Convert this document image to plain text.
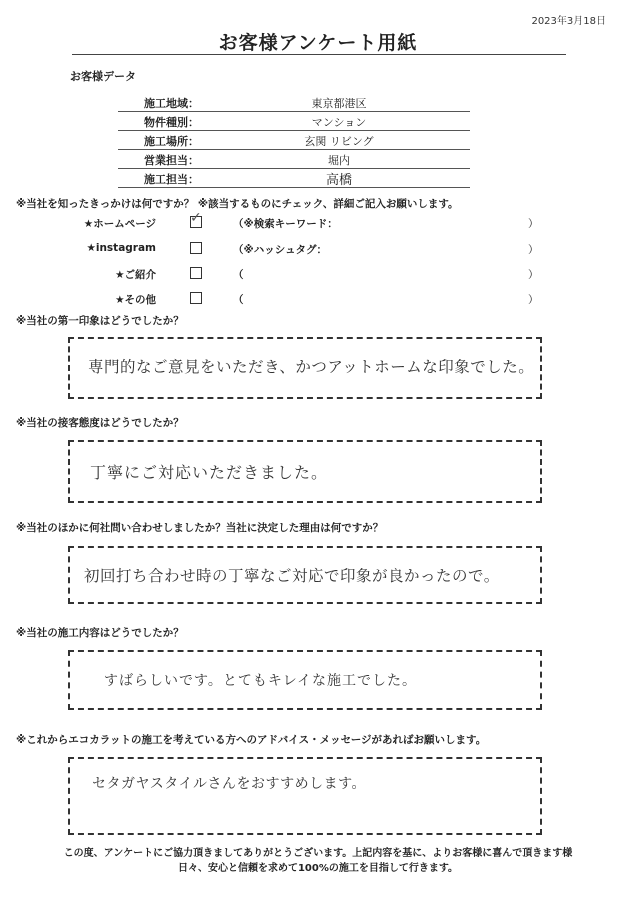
2023年3月18日
お客様アンケート用紙
お客様データ
施工地域：	東京都港区
物件種別：	マンション
施工場所：	玄関 リビング
営業担当：	堀内
施工担当：	高橋
※当社を知ったきっかけは何ですか？ ※該当するものにチェック、詳細ご記入お願いします。
★ホームページ ✓	（※検索キーワード：	）
★instagram	（※ハッシュタグ：	）
★ご紹介	（	）
★その他	（	）
※当社の第一印象はどうでしたか？
専門的なご意見をいただき、かつアットホームな印象でした。
※当社の接客態度はどうでしたか？
丁寧にご対応いただきました。
※当社のほかに何社問い合わせしましたか？当社に決定した理由は何ですか？
初回打ち合わせ時の丁寧なご対応で印象が良かったので。
※当社の施工内容はどうでしたか？
すばらしいです。とてもキレイな施工でした。
※これからエコカラットの施工を考えている方へのアドバイス・メッセージがあればお願いします。
セタガヤスタイルさんをおすすめします。
この度、アンケートにご協力頂きましてありがとうございます。上記内容を基に、よりお客様に喜んで頂きます様
日々、安心と信頼を求めて100%の施工を目指して行きます。
